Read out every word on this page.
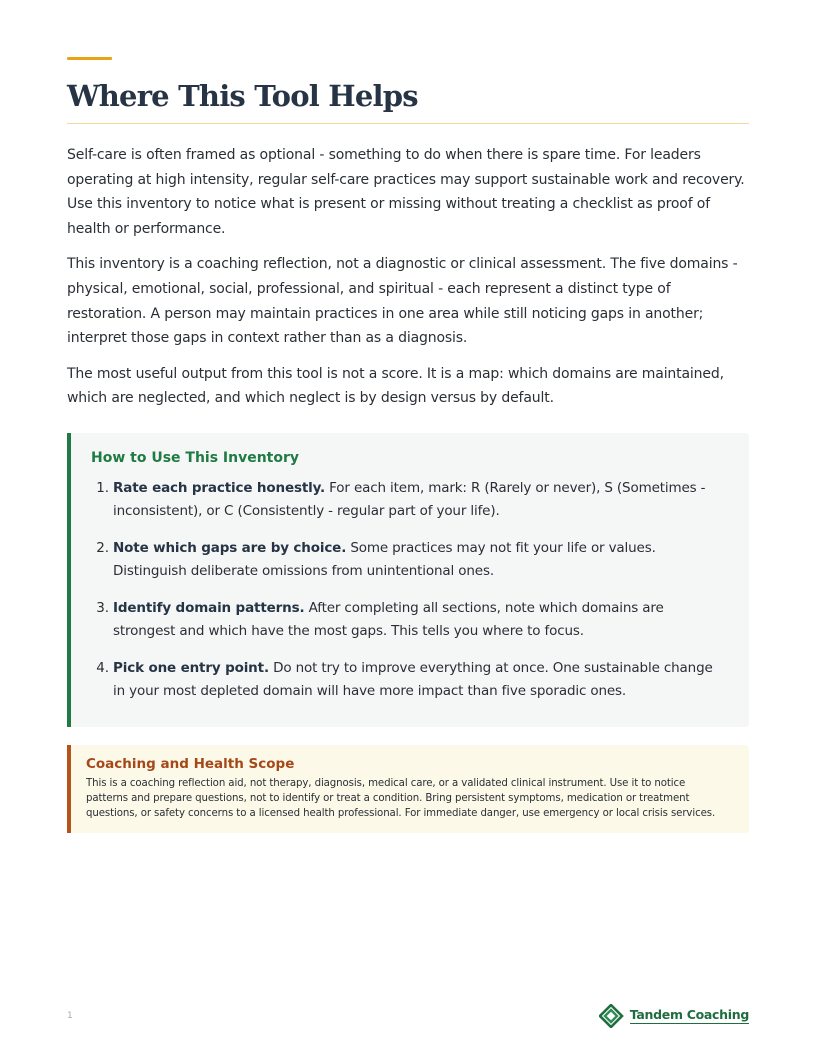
Where This Tool Helps

Self-care is often framed as optional - something to do when there is spare time. For leaders operating at high intensity, regular self-care practices may support sustainable work and recovery. Use this inventory to notice what is present or missing without treating a checklist as proof of health or performance.

This inventory is a coaching reflection, not a diagnostic or clinical assessment. The five domains - physical, emotional, social, professional, and spiritual - each represent a distinct type of restoration. A person may maintain practices in one area while still noticing gaps in another; interpret those gaps in context rather than as a diagnosis.

The most useful output from this tool is not a score. It is a map: which domains are maintained, which are neglected, and which neglect is by design versus by default.

How to Use This Inventory
1. Rate each practice honestly. For each item, mark: R (Rarely or never), S (Sometimes - inconsistent), or C (Consistently - regular part of your life).
2. Note which gaps are by choice. Some practices may not fit your life or values. Distinguish deliberate omissions from unintentional ones.
3. Identify domain patterns. After completing all sections, note which domains are strongest and which have the most gaps. This tells you where to focus.
4. Pick one entry point. Do not try to improve everything at once. One sustainable change in your most depleted domain will have more impact than five sporadic ones.
Coaching and Health Scope

This is a coaching reflection aid, not therapy, diagnosis, medical care, or a validated clinical instrument. Use it to notice patterns and prepare questions, not to identify or treat a condition. Bring persistent symptoms, medication or treatment questions, or safety concerns to a licensed health professional. For immediate danger, use emergency or local crisis services.

1	Tandem Coaching
